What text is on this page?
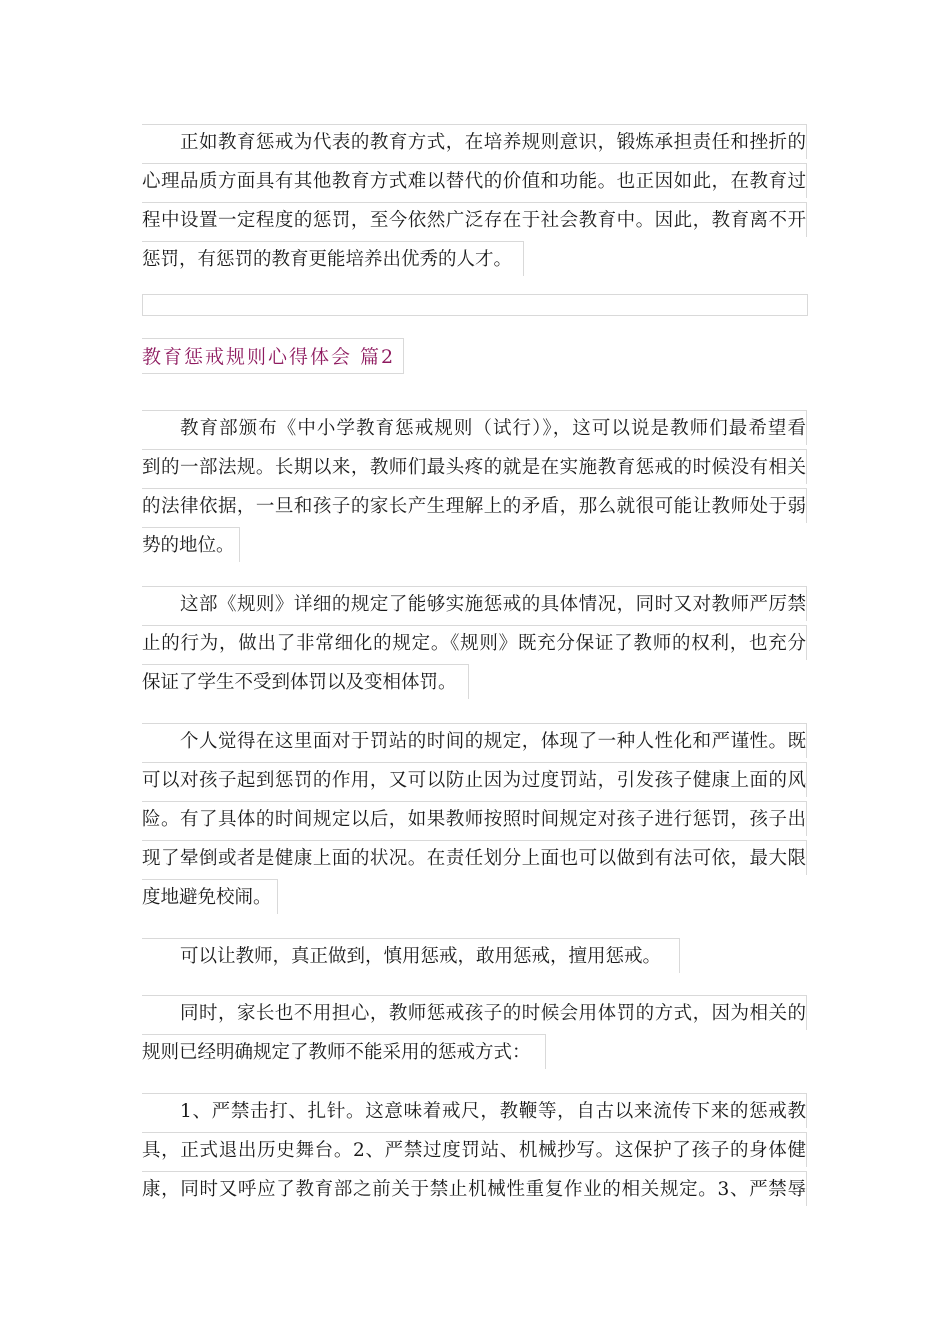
正如教育惩戒为代表的教育方式，在培养规则意识，锻炼承担责任和挫折的
心理品质方面具有其他教育方式难以替代的价值和功能。也正因如此，在教育过
程中设置一定程度的惩罚，至今依然广泛存在于社会教育中。因此，教育离不开
惩罚，有惩罚的教育更能培养出优秀的人才。
教育惩戒规则心得体会 篇2
教育部颁布《中小学教育惩戒规则（试行）》，这可以说是教师们最希望看
到的一部法规。长期以来，教师们最头疼的就是在实施教育惩戒的时候没有相关
的法律依据，一旦和孩子的家长产生理解上的矛盾，那么就很可能让教师处于弱
势的地位。
这部《规则》详细的规定了能够实施惩戒的具体情况，同时又对教师严厉禁
止的行为，做出了非常细化的规定。《规则》既充分保证了教师的权利，也充分
保证了学生不受到体罚以及变相体罚。
个人觉得在这里面对于罚站的时间的规定，体现了一种人性化和严谨性。既
可以对孩子起到惩罚的作用，又可以防止因为过度罚站，引发孩子健康上面的风
险。有了具体的时间规定以后，如果教师按照时间规定对孩子进行惩罚，孩子出
现了晕倒或者是健康上面的状况。在责任划分上面也可以做到有法可依，最大限
度地避免校闹。
可以让教师，真正做到，慎用惩戒，敢用惩戒，擅用惩戒。
同时，家长也不用担心，教师惩戒孩子的时候会用体罚的方式，因为相关的
规则已经明确规定了教师不能采用的惩戒方式：
1、严禁击打、扎针。这意味着戒尺，教鞭等，自古以来流传下来的惩戒教
具，正式退出历史舞台。2、严禁过度罚站、机械抄写。这保护了孩子的身体健
康，同时又呼应了教育部之前关于禁止机械性重复作业的相关规定。3、严禁辱
